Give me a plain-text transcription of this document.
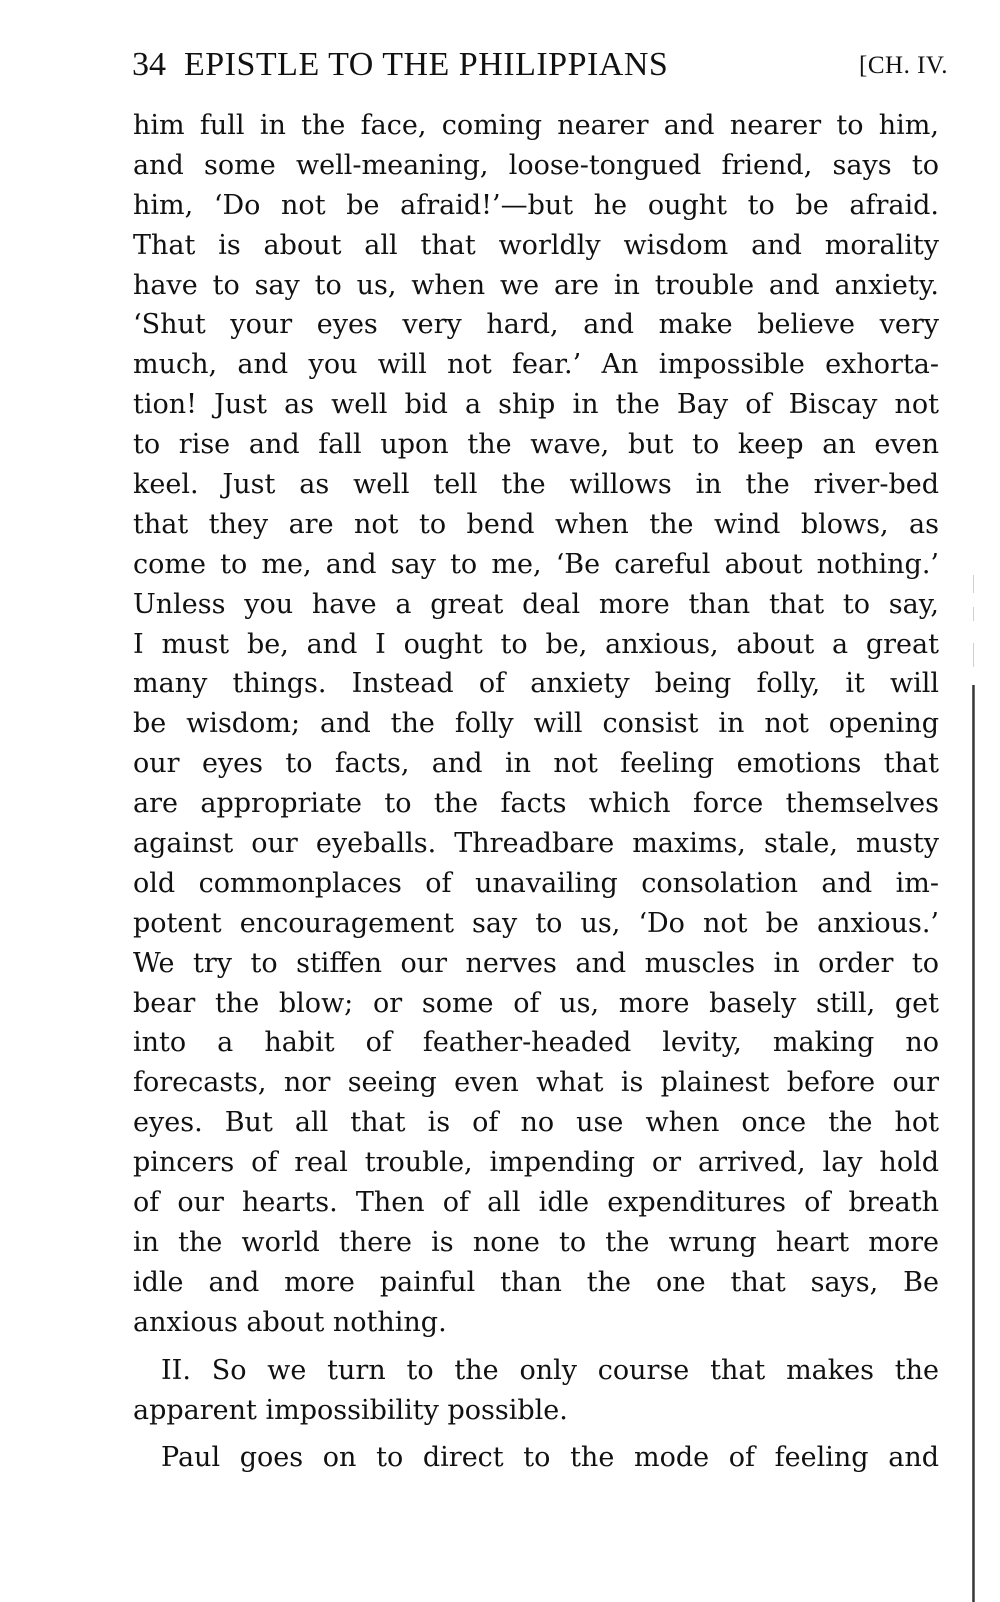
34 EPISTLE TO THE PHILIPPIANS	[CH. IV.
him full in the face, coming nearer and nearer to him,
and some well-meaning, loose-tongued friend, says to
him, ‘Do not be afraid!’—but he ought to be afraid.
That is about all that worldly wisdom and morality
have to say to us, when we are in trouble and anxiety.
‘Shut your eyes very hard, and make believe very
much, and you will not fear.’ An impossible exhorta-
tion! Just as well bid a ship in the Bay of Biscay not
to rise and fall upon the wave, but to keep an even
keel. Just as well tell the willows in the river-bed
that they are not to bend when the wind blows, as
come to me, and say to me, ‘Be careful about nothing.’
Unless you have a great deal more than that to say,
I must be, and I ought to be, anxious, about a great
many things. Instead of anxiety being folly, it will
be wisdom; and the folly will consist in not opening
our eyes to facts, and in not feeling emotions that
are appropriate to the facts which force themselves
against our eyeballs. Threadbare maxims, stale, musty
old commonplaces of unavailing consolation and im-
potent encouragement say to us, ‘Do not be anxious.’
We try to stiffen our nerves and muscles in order to
bear the blow; or some of us, more basely still, get
into a habit of feather-headed levity, making no
forecasts, nor seeing even what is plainest before our
eyes. But all that is of no use when once the hot
pincers of real trouble, impending or arrived, lay hold
of our hearts. Then of all idle expenditures of breath
in the world there is none to the wrung heart more
idle and more painful than the one that says, Be
anxious about nothing.
II. So we turn to the only course that makes the
apparent impossibility possible.
Paul goes on to direct to the mode of feeling and
